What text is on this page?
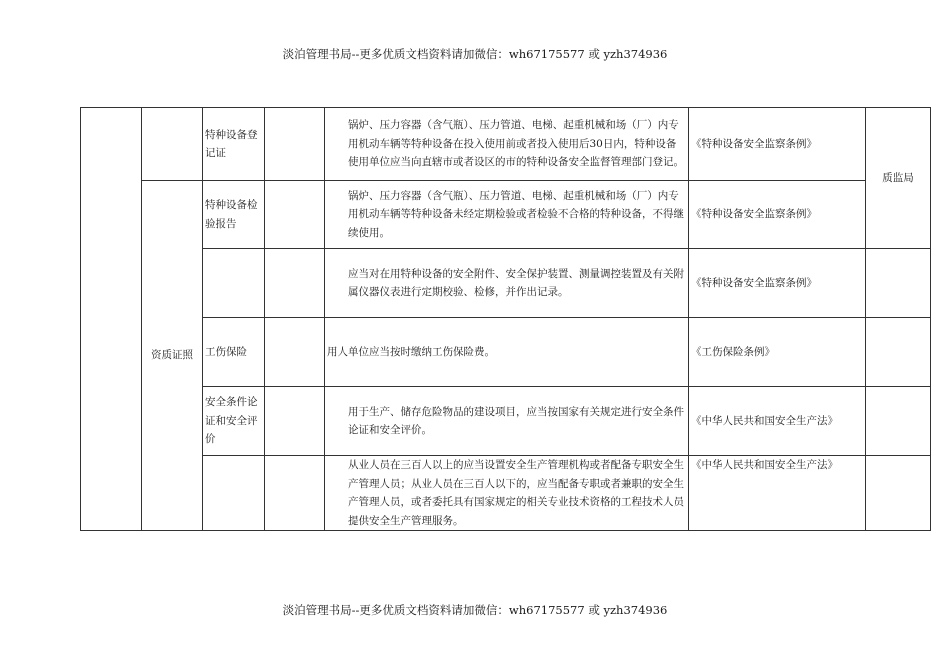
淡泊管理书局--更多优质文档资料请加微信：wh67175577 或 yzh374936
		特种设备登记证		锅炉、压力容器（含气瓶）、压力管道、电梯、起重机械和场（厂）内专用机动车辆等特种设备在投入使用前或者投入使用后30日内，特种设备使用单位应当向直辖市或者设区的市的特种设备安全监督管理部门登记。	《特种设备安全监察条例》	质监局
	资质证照	特种设备检验报告		锅炉、压力容器（含气瓶）、压力管道、电梯、起重机械和场（厂）内专用机动车辆等特种设备未经定期检验或者检验不合格的特种设备，不得继续使用。	《特种设备安全监察条例》	

				应当对在用特种设备的安全附件、安全保护装置、测量调控装置及有关附属仪器仪表进行定期校验、检修，并作出记录。	《特种设备安全监察条例》	
		工伤保险		用人单位应当按时缴纳工伤保险费。	《工伤保险条例》	
		安全条件论证和安全评价		用于生产、储存危险物品的建设项目，应当按国家有关规定进行安全条件论证和安全评价。	《中华人民共和国安全生产法》	

				从业人员在三百人以上的应当设置安全生产管理机构或者配备专职安全生产管理人员；从业人员在三百人以下的，应当配备专职或者兼职的安全生产管理人员，或者委托具有国家规定的相关专业技术资格的工程技术人员提供安全生产管理服务。	《中华人民共和国安全生产法》	
淡泊管理书局--更多优质文档资料请加微信：wh67175577 或 yzh374936
